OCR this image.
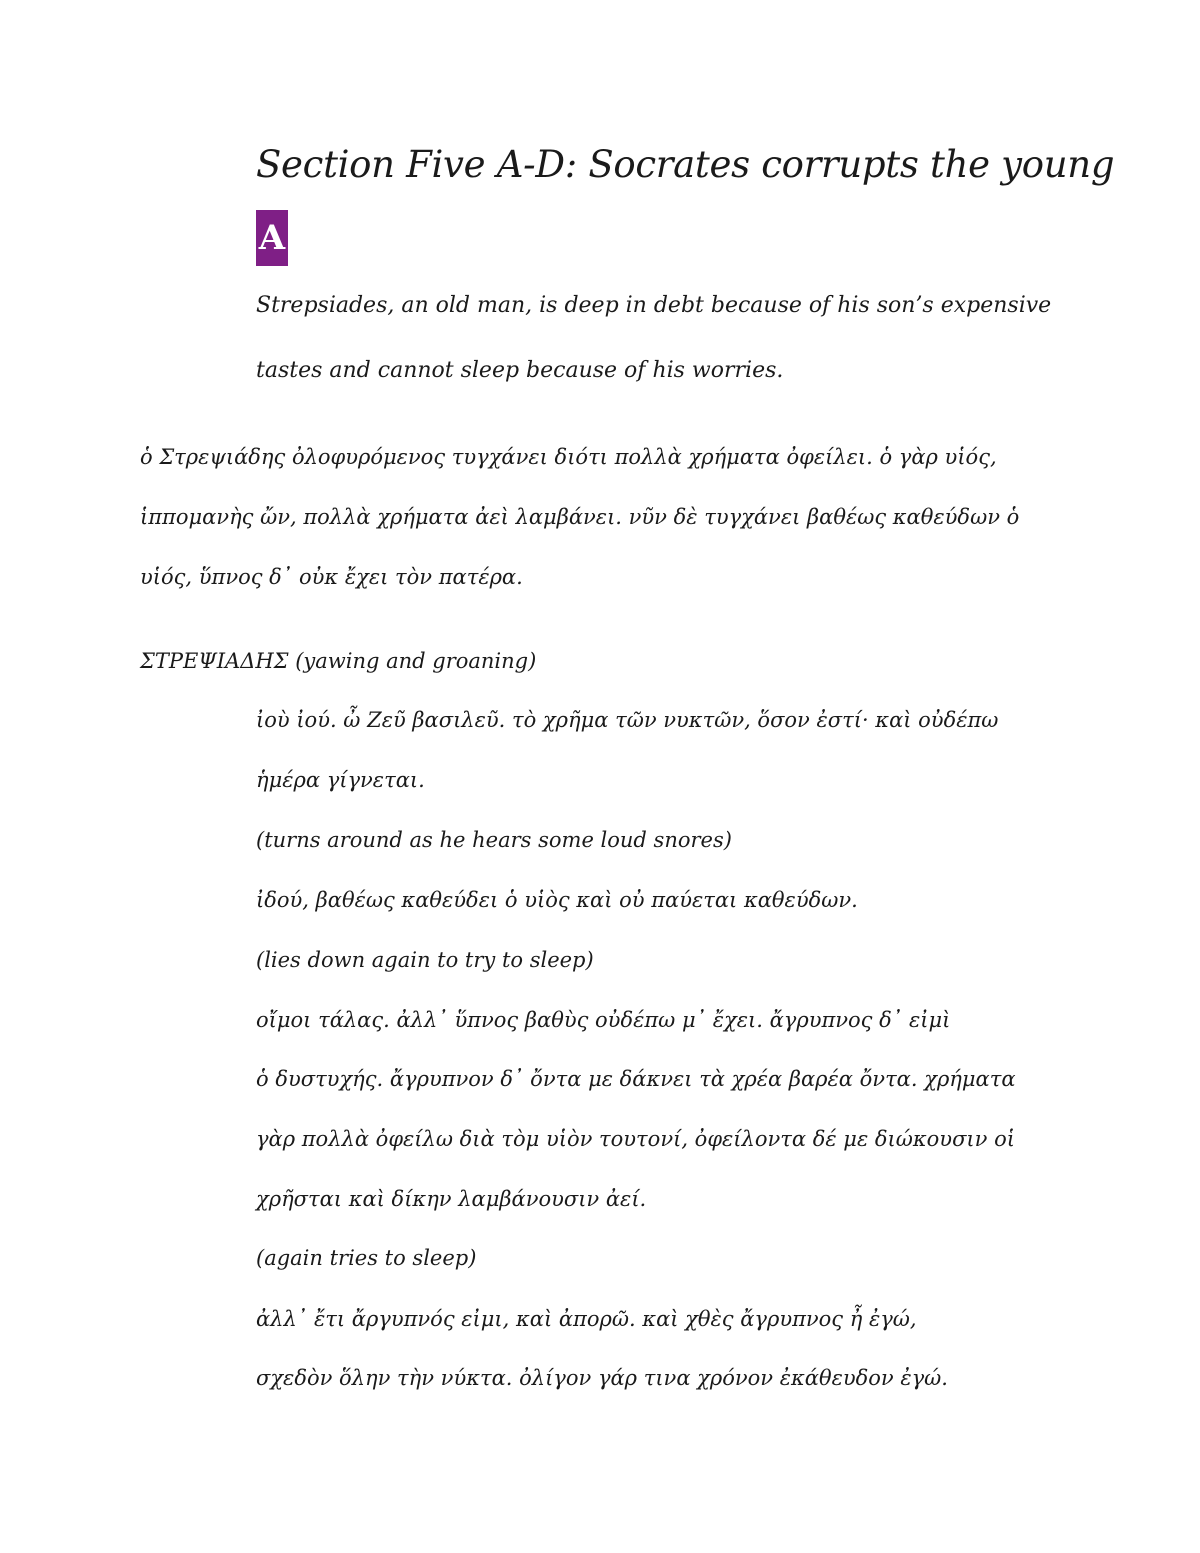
Section Five A-D: Socrates corrupts the young
A
Strepsiades, an old man, is deep in debt because of his son’s expensive
tastes and cannot sleep because of his worries.
ὁ Στρεψιάδης ὀλοφυρόμενος τυγχάνει διότι πολλὰ χρήματα ὀφείλει. ὁ γὰρ υἱός,
ἱππομανὴς ὤν, πολλὰ χρήματα ἀεὶ λαμβάνει. νῦν δὲ τυγχάνει βαθέως καθεύδων ὁ
υἱός, ὕπνος δ᾽ οὐκ ἔχει τὸν πατέρα.
ΣΤΡΕΨΙΑΔΗΣ (yawing and groaning)
ἰοὺ ἰού. ὦ Ζεῦ βασιλεῦ. τὸ χρῆμα τῶν νυκτῶν, ὅσον ἐστί· καὶ οὐδέπω
ἡμέρα γίγνεται.
(turns around as he hears some loud snores)
ἰδού, βαθέως καθεύδει ὁ υἱὸς καὶ οὐ παύεται καθεύδων.
(lies down again to try to sleep)
οἴμοι τάλας. ἀλλ᾽ ὕπνος βαθὺς οὐδέπω μ᾽ ἔχει. ἄγρυπνος δ᾽ εἰμὶ
ὁ δυστυχής. ἄγρυπνον δ᾽ ὄντα με δάκνει τὰ χρέα βαρέα ὄντα. χρήματα
γὰρ πολλὰ ὀφείλω διὰ τὸμ υἱὸν τουτονί, ὀφείλοντα δέ με διώκουσιν οἱ
χρῆσται καὶ δίκην λαμβάνουσιν ἀεί.
(again tries to sleep)
ἀλλ᾽ ἔτι ἄργυπνός εἰμι, καὶ ἀπορῶ. καὶ χθὲς ἄγρυπνος ἦ ἐγώ,
σχεδὸν ὅλην τὴν νύκτα. ὀλίγον γάρ τινα χρόνον ἐκάθευδον ἐγώ.
